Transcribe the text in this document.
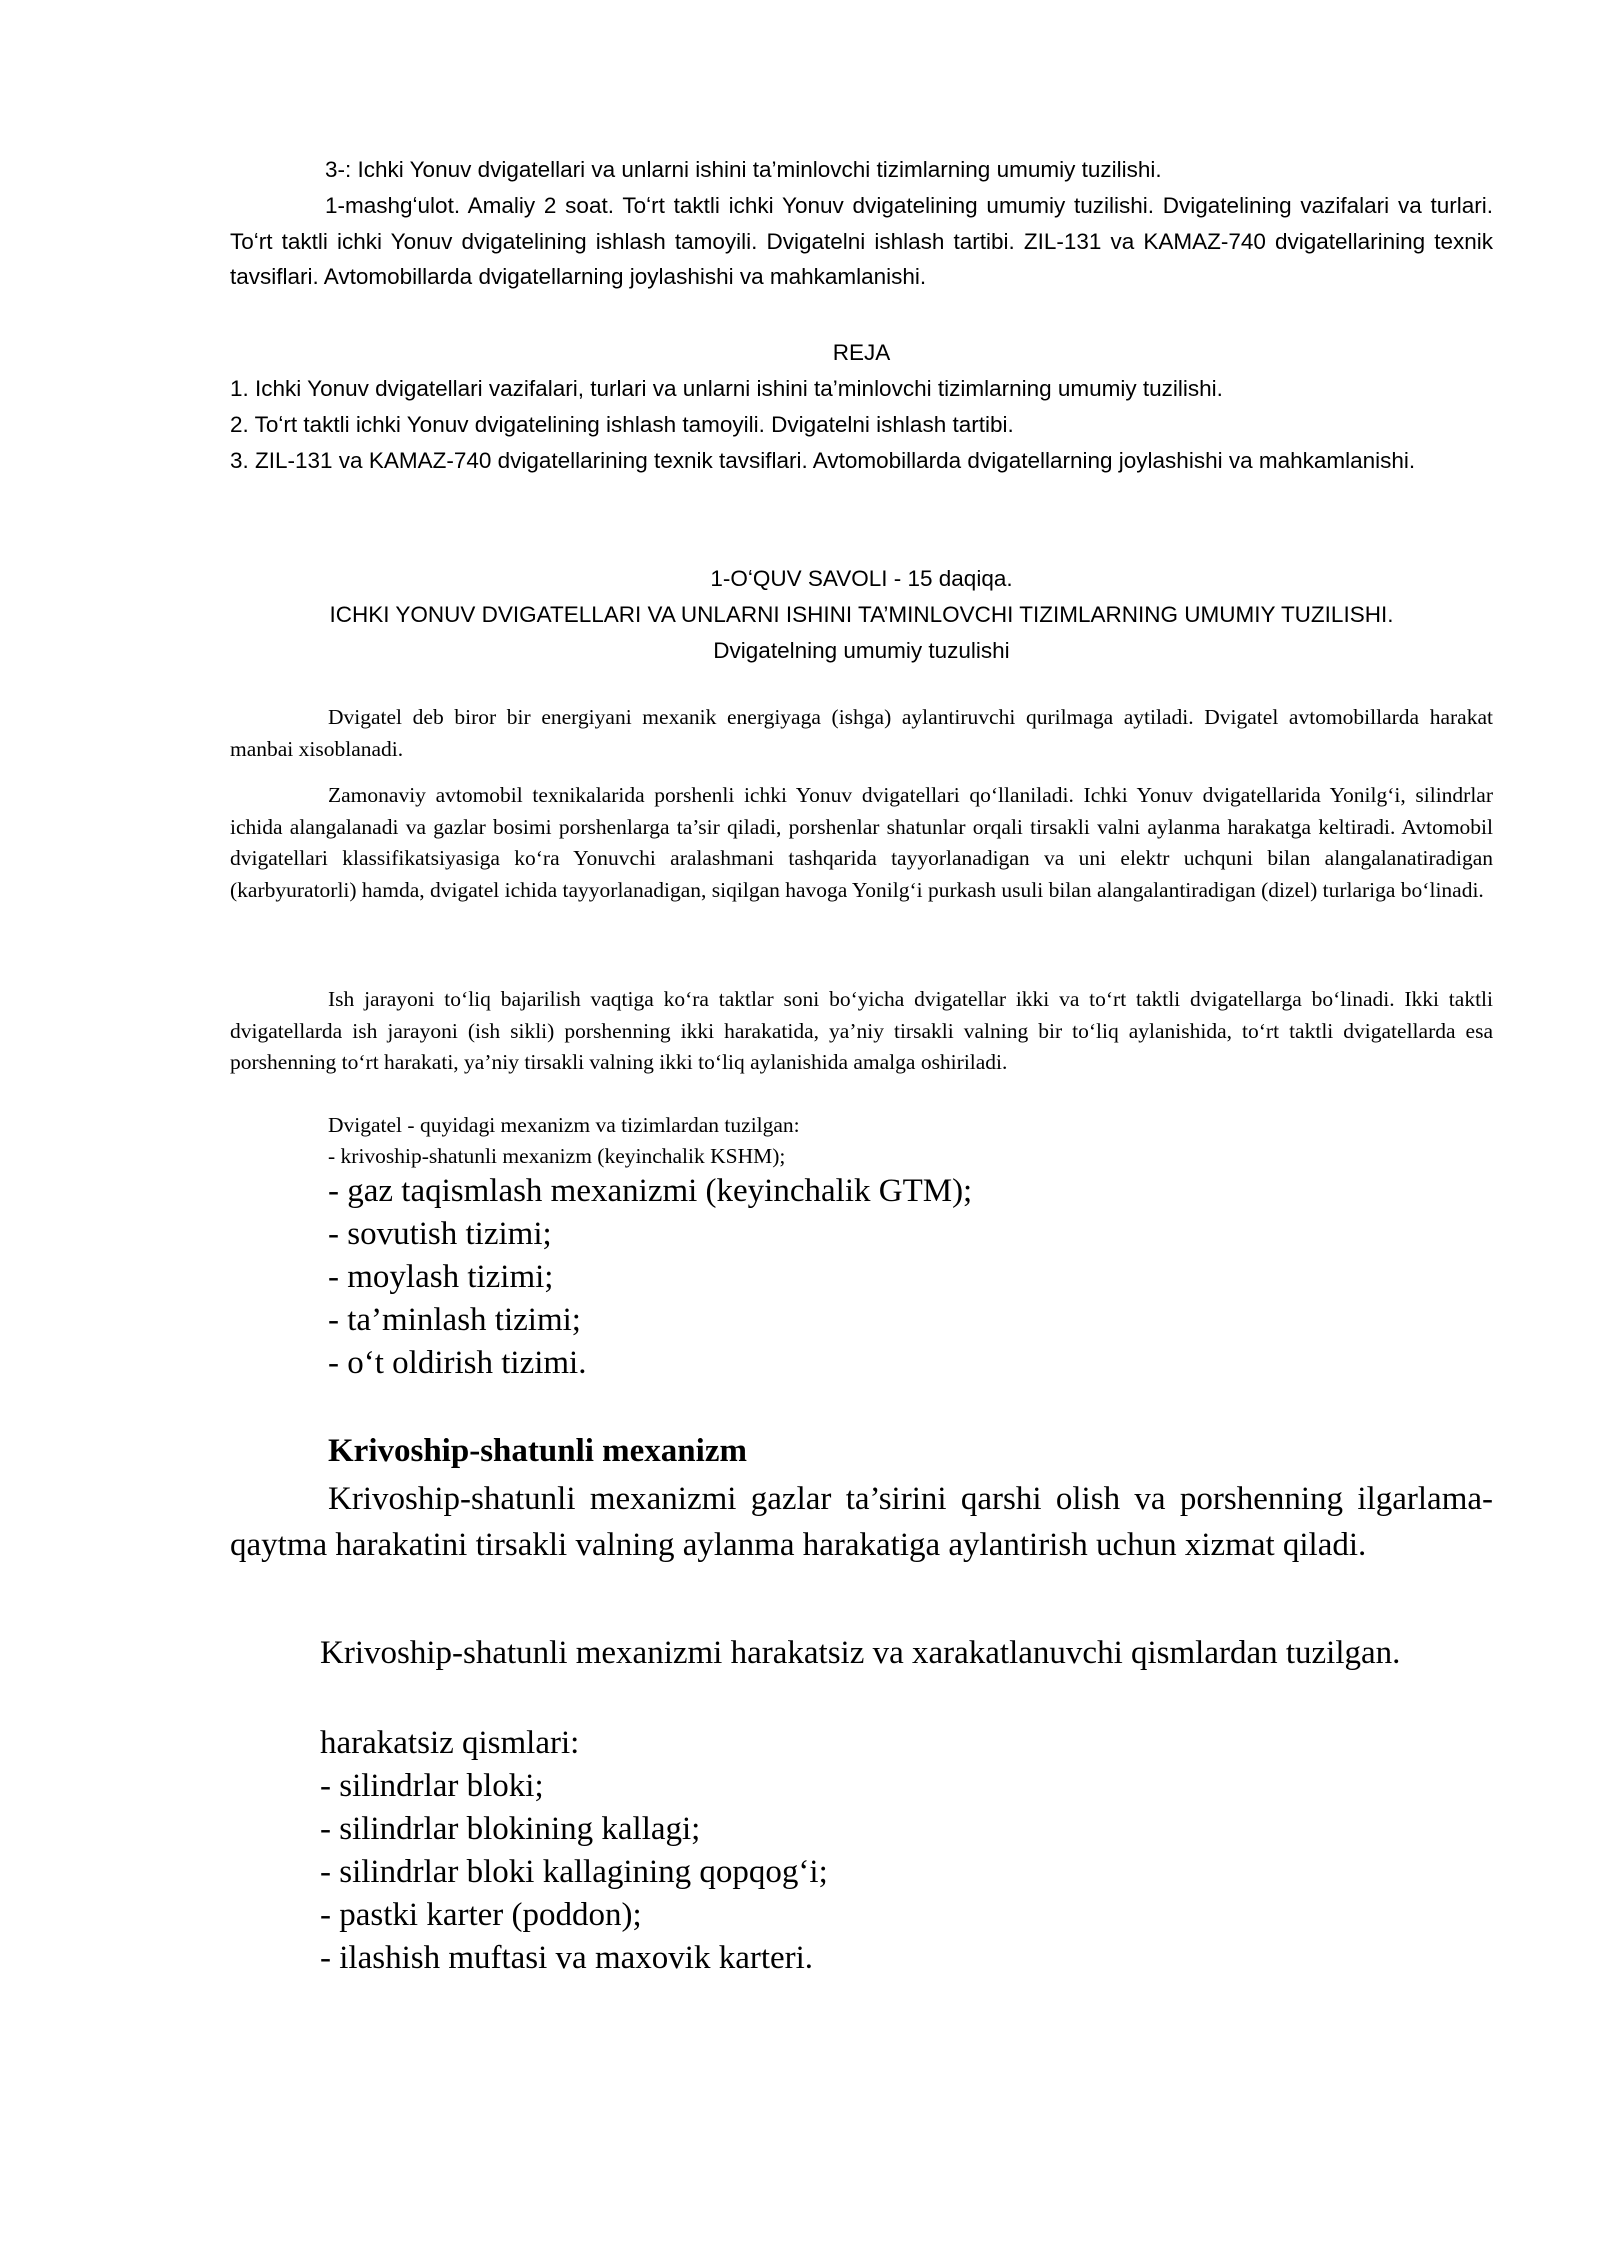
3-: Ichki Yonuv dvigatellari va unlarni ishini ta’minlovchi tizimlarning umumiy tuzilishi.

1-mashgʻulot. Amaliy 2 soat. Toʻrt taktli ichki Yonuv dvigatelining umumiy tuzilishi. Dvigatelining vazifalari va turlari. Toʻrt taktli ichki Yonuv dvigatelining ishlash tamoyili. Dvigatelni ishlash tartibi. ZIL-131 va KAMAZ-740 dvigatellarining texnik tavsiflari. Avtomobillarda dvigatellarning joylashishi va mahkamlanishi.

REJA
1. Ichki Yonuv dvigatellari vazifalari, turlari va unlarni ishini ta’minlovchi tizimlarning umumiy tuzilishi.
2. Toʻrt taktli ichki Yonuv dvigatelining ishlash tamoyili. Dvigatelni ishlash tartibi.

3. ZIL-131 va KAMAZ-740 dvigatellarining texnik tavsiflari. Avtomobillarda dvigatellarning joylashishi va mahkamlanishi.

1-OʻQUV SAVOLI - 15 daqiqa.
ICHKI YONUV DVIGATELLARI VA UNLARNI ISHINI TA’MINLOVCHI TIZIMLARNING UMUMIY TUZILISHI.
Dvigatelning umumiy tuzulishi

Dvigatel deb biror bir energiyani mexanik energiyaga (ishga) aylantiruvchi qurilmaga aytiladi. Dvigatel avtomobillarda harakat manbai xisoblanadi.

Zamonaviy avtomobil texnikalarida porshenli ichki Yonuv dvigatellari qoʻllaniladi. Ichki Yonuv dvigatellarida Yonilgʻi, silindrlar ichida alangalanadi va gazlar bosimi porshenlarga ta’sir qiladi, porshenlar shatunlar orqali tirsakli valni aylanma harakatga keltiradi. Avtomobil dvigatellari klassifikatsiyasiga koʻra Yonuvchi aralashmani tashqarida tayyorlanadigan va uni elektr uchquni bilan alangalanatiradigan (karbyuratorli) hamda, dvigatel ichida tayyorlanadigan, siqilgan havoga Yonilgʻi purkash usuli bilan alangalantiradigan (dizel) turlariga boʻlinadi.

Ish jarayoni toʻliq bajarilish vaqtiga koʻra taktlar soni boʻyicha dvigatellar ikki va toʻrt taktli dvigatellarga boʻlinadi. Ikki taktli dvigatellarda ish jarayoni (ish sikli) porshenning ikki harakatida, ya’niy tirsakli valning bir toʻliq aylanishida, toʻrt taktli dvigatellarda esa porshenning toʻrt harakati, ya’niy tirsakli valning ikki toʻliq aylanishida amalga oshiriladi.

Dvigatel - quyidagi mexanizm va tizimlardan tuzilgan:
- krivoship-shatunli mexanizm (keyinchalik KSHM);
- gaz taqismlash mexanizmi (keyinchalik GTM);
- sovutish tizimi;
- moylash tizimi;
- ta’minlash tizimi;
- oʻt oldirish tizimi.
Krivoship-shatunli mexanizm

Krivoship-shatunli mexanizmi gazlar ta’sirini qarshi olish va porshenning ilgarlama-qaytma harakatini tirsakli valning aylanma harakatiga aylantirish uchun xizmat qiladi.

Krivoship-shatunli mexanizmi harakatsiz va xarakatlanuvchi qismlardan tuzilgan.

harakatsiz qismlari:
- silindrlar bloki;
- silindrlar blokining kallagi;
- silindrlar bloki kallagining qopqogʻi;
- pastki karter (poddon);
- ilashish muftasi va maxovik karteri.
